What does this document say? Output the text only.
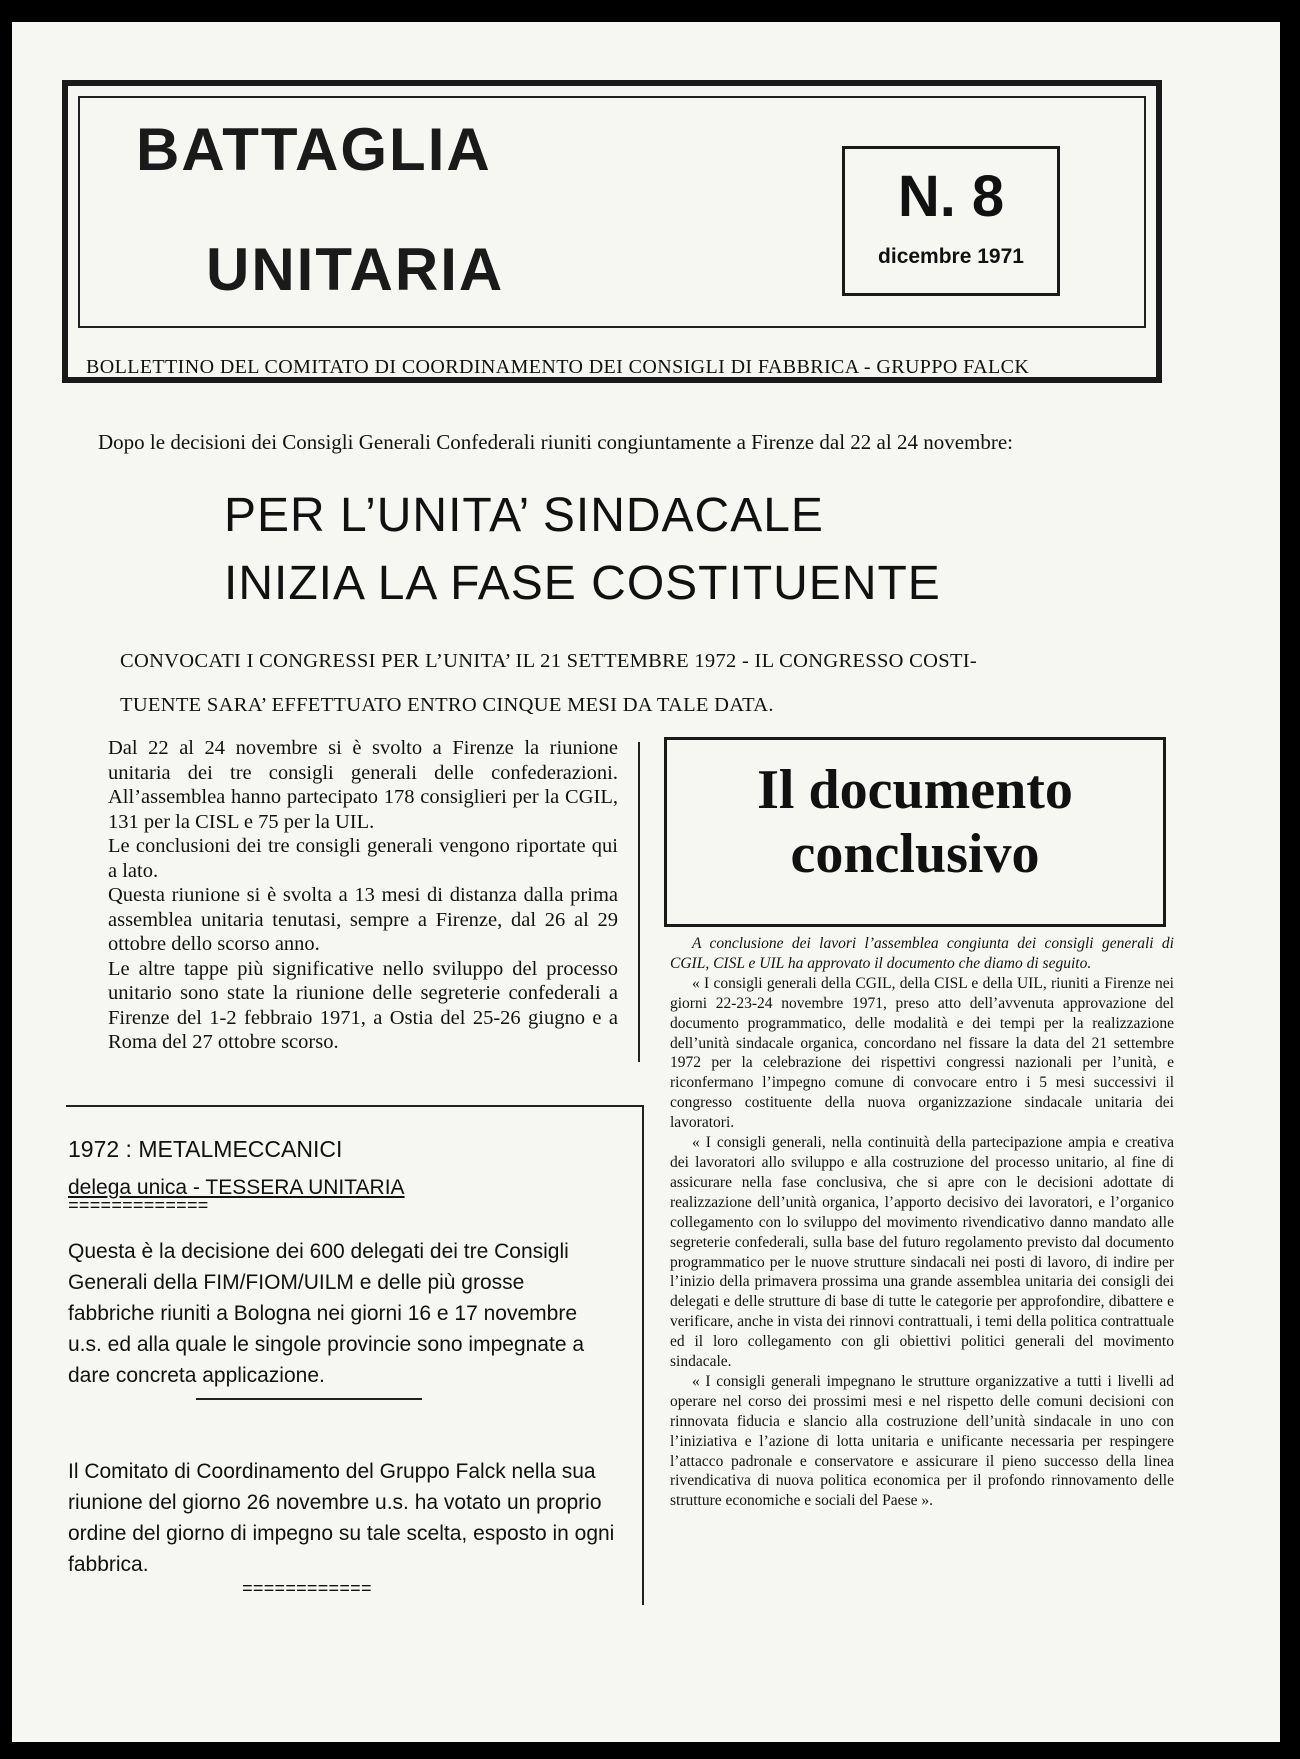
BATTAGLIA
UNITARIA
N. 8
dicembre 1971
BOLLETTINO DEL COMITATO DI COORDINAMENTO DEI CONSIGLI DI FABBRICA - GRUPPO FALCK
Dopo le decisioni dei Consigli Generali Confederali riuniti congiuntamente a Firenze dal 22 al 24 novembre:
PER L’UNITA’ SINDACALE
INIZIA LA FASE COSTITUENTE
CONVOCATI I CONGRESSI PER L’UNITA’ IL 21 SETTEMBRE 1972 - IL CONGRESSO COSTI-
TUENTE SARA’ EFFETTUATO ENTRO CINQUE MESI DA TALE DATA.

Dal 22 al 24 novembre si è svolto a Firenze la riunione unitaria dei tre consigli generali delle confederazioni. All’assemblea hanno partecipato 178 consiglieri per la CGIL, 131 per la CISL e 75 per la UIL.

Le conclusioni dei tre consigli generali vengono riportate qui a lato.

Questa riunione si è svolta a 13 mesi di distanza dalla prima assemblea unitaria tenutasi, sempre a Firenze, dal 26 al 29 ottobre dello scorso anno.

Le altre tappe più significative nello sviluppo del processo unitario sono state la riunione delle segreterie confederali a Firenze del 1-2 febbraio 1971, a Ostia del 25-26 giugno e a Roma del 27 ottobre scorso.

Il documento
conclusivo

A conclusione dei lavori l’assemblea congiunta dei consigli generali di CGIL, CISL e UIL ha approvato il documento che diamo di seguito.

« I consigli generali della CGIL, della CISL e della UIL, riuniti a Firenze nei giorni 22-23-24 novembre 1971, preso atto dell’avvenuta approvazione del documento programmatico, delle modalità e dei tempi per la realizzazione dell’unità sindacale organica, concordano nel fissare la data del 21 settembre 1972 per la celebrazione dei rispettivi congressi nazionali per l’unità, e riconfermano l’impegno comune di convocare entro i 5 mesi successivi il congresso costituente della nuova organizzazione sindacale unitaria dei lavoratori.

« I consigli generali, nella continuità della partecipazione ampia e creativa dei lavoratori allo sviluppo e alla costruzione del processo unitario, al fine di assicurare nella fase conclusiva, che si apre con le decisioni adottate di realizzazione dell’unità organica, l’apporto decisivo dei lavoratori, e l’organico collegamento con lo sviluppo del movimento rivendicativo danno mandato alle segreterie confederali, sulla base del futuro regolamento previsto dal documento programmatico per le nuove strutture sindacali nei posti di lavoro, di indire per l’inizio della primavera prossima una grande assemblea unitaria dei consigli dei delegati e delle strutture di base di tutte le categorie per approfondire, dibattere e verificare, anche in vista dei rinnovi contrattuali, i temi della politica contrattuale ed il loro collegamento con gli obiettivi politici generali del movimento sindacale.

« I consigli generali impegnano le strutture organizzative a tutti i livelli ad operare nel corso dei prossimi mesi e nel rispetto delle comuni decisioni con rinnovata fiducia e slancio alla costruzione dell’unità sindacale in uno con l’iniziativa e l’azione di lotta unitaria e unificante necessaria per respingere l’attacco padronale e conservatore e assicurare il pieno successo della linea rivendicativa di nuova politica economica per il profondo rinnovamento delle strutture economiche e sociali del Paese ».

1972 : METALMECCANICI
delega unica - TESSERA UNITARIA
=============
Questa è la decisione dei 600 delegati dei tre Consigli Generali della FIM/FIOM/UILM e delle più grosse fabbriche riuniti a Bologna nei giorni 16 e 17 novembre u.s. ed alla quale le singole provincie sono impegnate a dare concreta applicazione.
Il Comitato di Coordinamento del Gruppo Falck nella sua riunione del giorno 26 novembre u.s. ha votato un proprio ordine del giorno di impegno su tale scelta, esposto in ogni fabbrica.
============
